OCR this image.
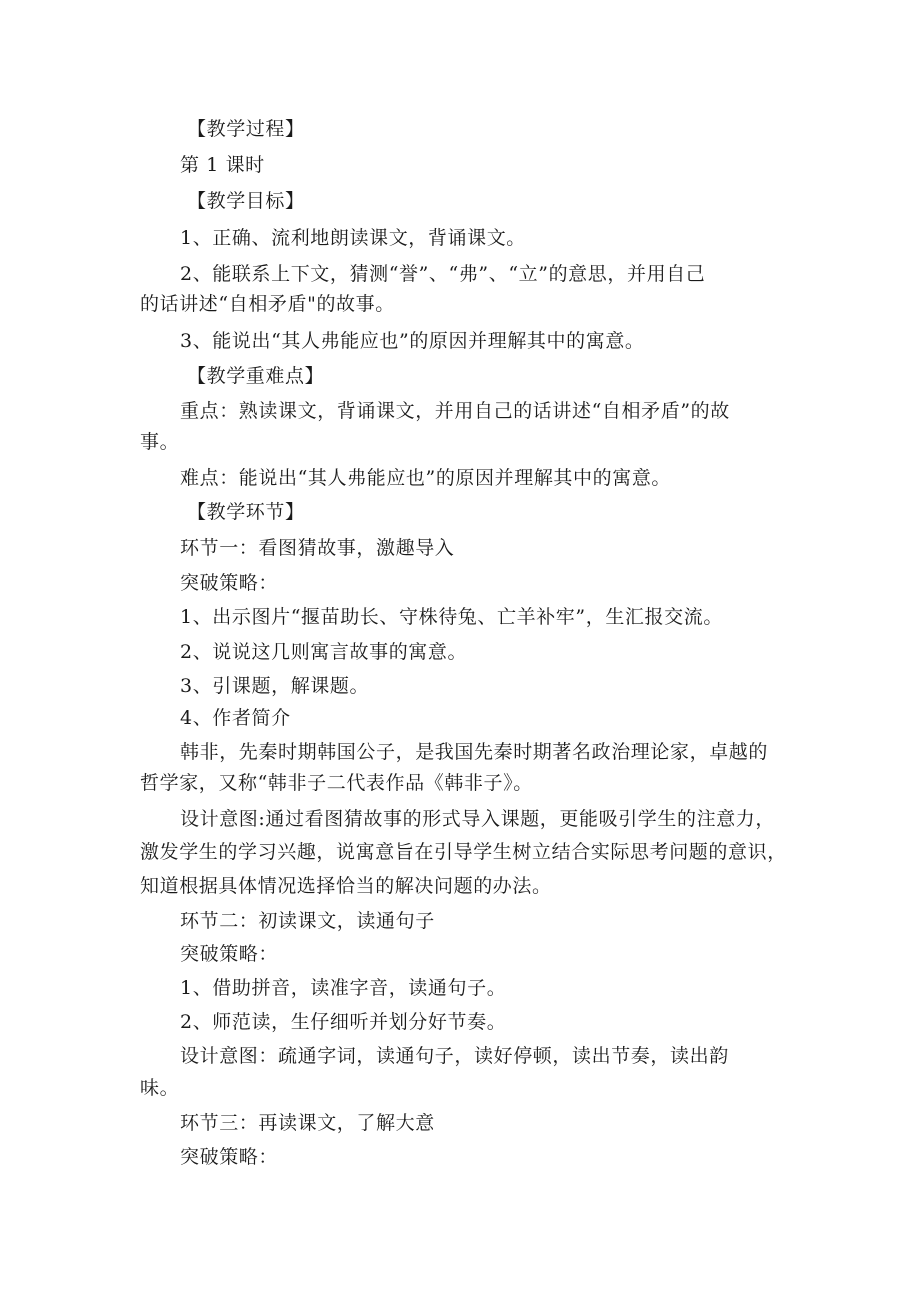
【教学过程】
第 1 课时
【教学目标】
1、正确、流利地朗读课文，背诵课文。
2、能联系上下文，猜测“誉”、“弗”、“立”的意思，并用自己
的话讲述“自相矛盾"的故事。
3、能说出“其人弗能应也”的原因并理解其中的寓意。
【教学重难点】
重点：熟读课文，背诵课文，并用自己的话讲述“自相矛盾”的故
事。
难点：能说出“其人弗能应也”的原因并理解其中的寓意。
【教学环节】
环节一：看图猜故事，激趣导入
突破策略：
1、出示图片“揠苗助长、守株待兔、亡羊补牢”，生汇报交流。
2、说说这几则寓言故事的寓意。
3、引课题，解课题。
4、作者简介
韩非，先秦时期韩国公子，是我国先秦时期著名政治理论家，卓越的
哲学家，又称“韩非子二代表作品《韩非子》。
设计意图:通过看图猜故事的形式导入课题，更能吸引学生的注意力，
激发学生的学习兴趣，说寓意旨在引导学生树立结合实际思考问题的意识，
知道根据具体情况选择恰当的解决问题的办法。
环节二：初读课文，读通句子
突破策略：
1、借助拼音，读准字音，读通句子。
2、师范读，生仔细听并划分好节奏。
设计意图：疏通字词，读通句子，读好停顿，读出节奏，读出韵
味。
环节三：再读课文，了解大意
突破策略：
